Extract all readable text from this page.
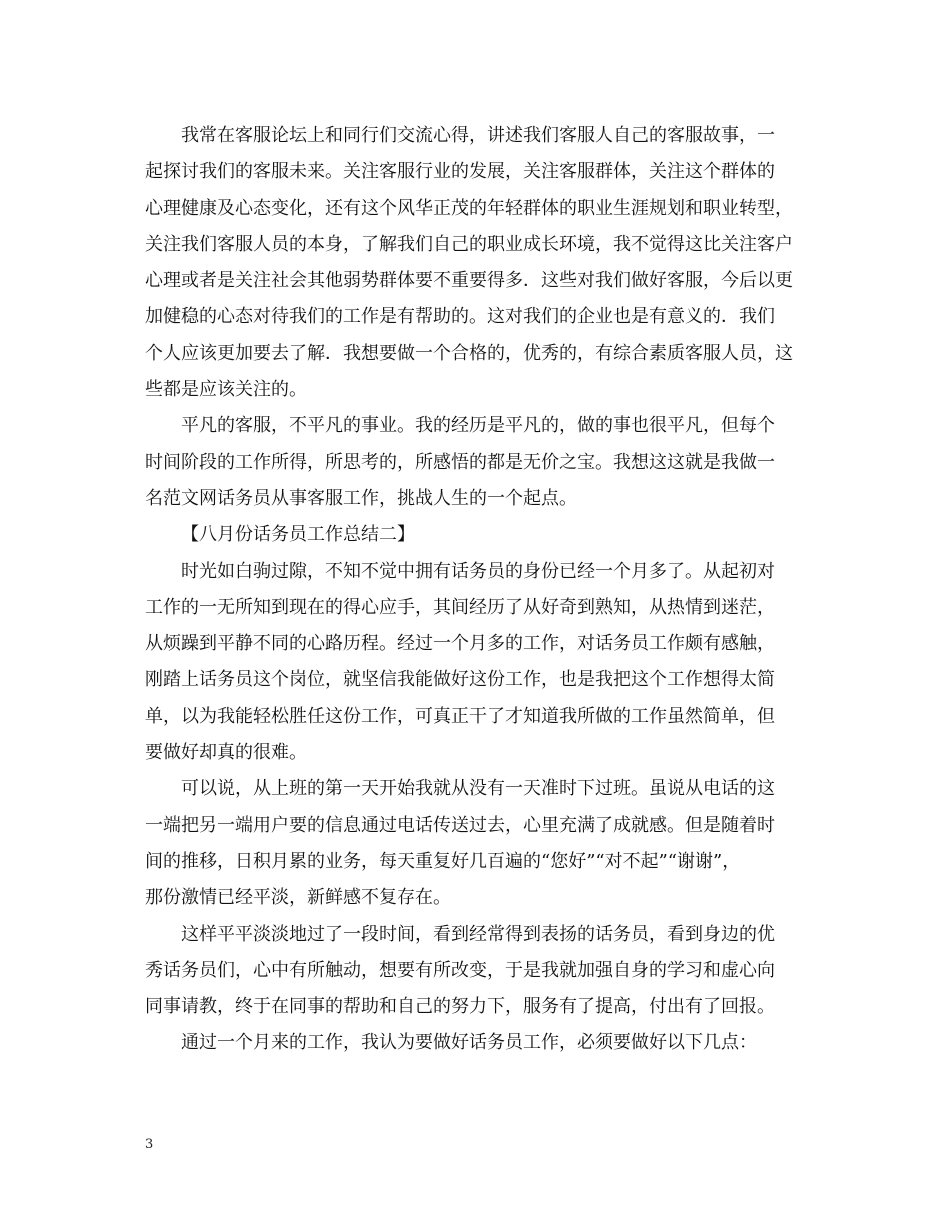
我常在客服论坛上和同行们交流心得，讲述我们客服人自己的客服故事，一
起探讨我们的客服未来。关注客服行业的发展，关注客服群体，关注这个群体的
心理健康及心态变化，还有这个风华正茂的年轻群体的职业生涯规划和职业转型，
关注我们客服人员的本身，了解我们自己的职业成长环境，我不觉得这比关注客户
心理或者是关注社会其他弱势群体要不重要得多．这些对我们做好客服，今后以更
加健稳的心态对待我们的工作是有帮助的。这对我们的企业也是有意义的．我们
个人应该更加要去了解．我想要做一个合格的，优秀的，有综合素质客服人员，这
些都是应该关注的。
平凡的客服，不平凡的事业。我的经历是平凡的，做的事也很平凡，但每个
时间阶段的工作所得，所思考的，所感悟的都是无价之宝。我想这这就是我做一
名范文网话务员从事客服工作，挑战人生的一个起点。
【八月份话务员工作总结二】
时光如白驹过隙，不知不觉中拥有话务员的身份已经一个月多了。从起初对
工作的一无所知到现在的得心应手，其间经历了从好奇到熟知，从热情到迷茫，
从烦躁到平静不同的心路历程。经过一个月多的工作，对话务员工作颇有感触，
刚踏上话务员这个岗位，就坚信我能做好这份工作，也是我把这个工作想得太简
单，以为我能轻松胜任这份工作，可真正干了才知道我所做的工作虽然简单，但
要做好却真的很难。
可以说，从上班的第一天开始我就从没有一天准时下过班。虽说从电话的这
一端把另一端用户要的信息通过电话传送过去，心里充满了成就感。但是随着时
间的推移，日积月累的业务，每天重复好几百遍的“您好”“对不起”“谢谢”，
那份激情已经平淡，新鲜感不复存在。
这样平平淡淡地过了一段时间，看到经常得到表扬的话务员，看到身边的优
秀话务员们，心中有所触动，想要有所改变，于是我就加强自身的学习和虚心向
同事请教，终于在同事的帮助和自己的努力下，服务有了提高，付出有了回报。
通过一个月来的工作，我认为要做好话务员工作，必须要做好以下几点：
3
